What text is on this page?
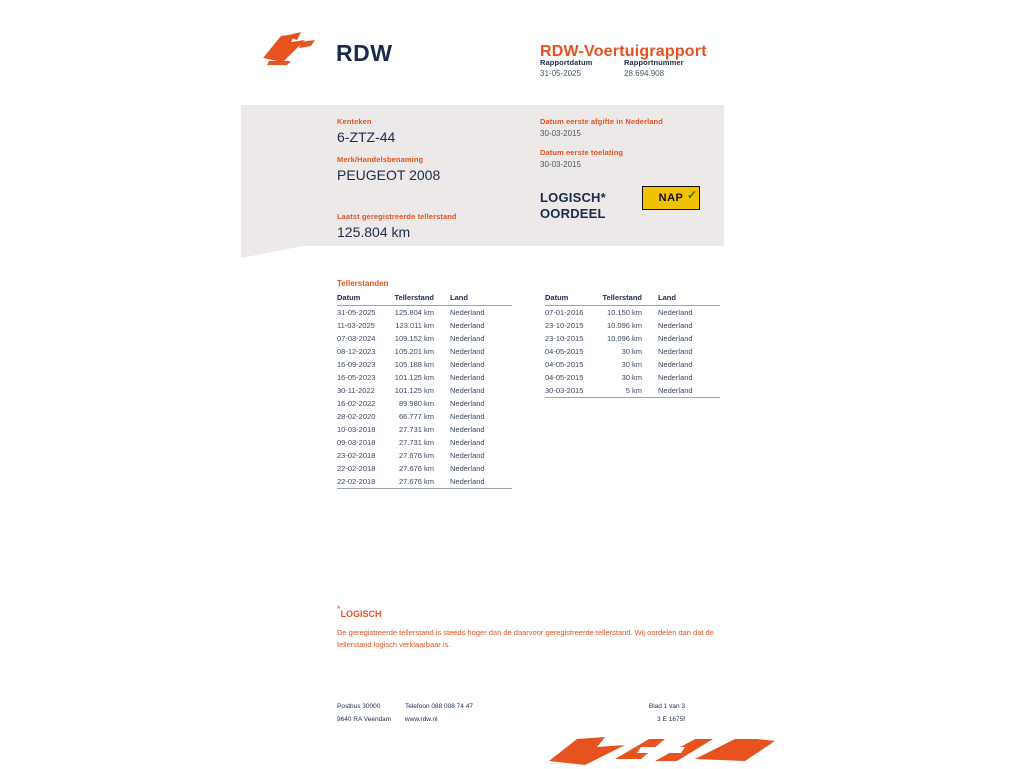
RDW	RDW-Voertuigrapport
Rapportdatum
31-05-2025
Rapportnummer
28.694.908
Kenteken
6-ZTZ-44
Merk/Handelsbenaming
PEUGEOT 2008
Datum eerste afgifte in Nederland
30-03-2015
Datum eerste toelating
30-03-2015
LOGISCH*
OORDEEL
NAP ✓
Laatst geregistreerde tellerstand
125.804 km
Tellerstanden
Datum	Tellerstand	Land
31-05-2025	125.804 km	Nederland
11-03-2025	123.011 km	Nederland
07-03-2024	109.152 km	Nederland
08-12-2023	105.201 km	Nederland
16-09-2023	105.188 km	Nederland
16-05-2023	101.125 km	Nederland
30-11-2022	101.125 km	Nederland
16-02-2022	89.980 km	Nederland
28-02-2020	66.777 km	Nederland
10-03-2018	27.731 km	Nederland
09-03-2018	27.731 km	Nederland
23-02-2018	27.676 km	Nederland
22-02-2018	27.676 km	Nederland
22-02-2018	27.676 km	Nederland
Datum	Tellerstand	Land
07-01-2016	10.150 km	Nederland
23-10-2015	10.096 km	Nederland
23-10-2015	10.096 km	Nederland
04-05-2015	30 km	Nederland
04-05-2015	30 km	Nederland
04-05-2015	30 km	Nederland
30-03-2015	5 km	Nederland
*LOGISCH
De geregistreerde tellerstand is steeds hoger dan de daarvoor geregistreerde tellerstand. Wij oordelen dan dat de tellerstand logisch verklaarbaar is.
Postbus 30000	Telefoon 088 008 74 47	Blad 1 van 3
9640 RA Veendam	www.rdw.nl	3 E 1675f
